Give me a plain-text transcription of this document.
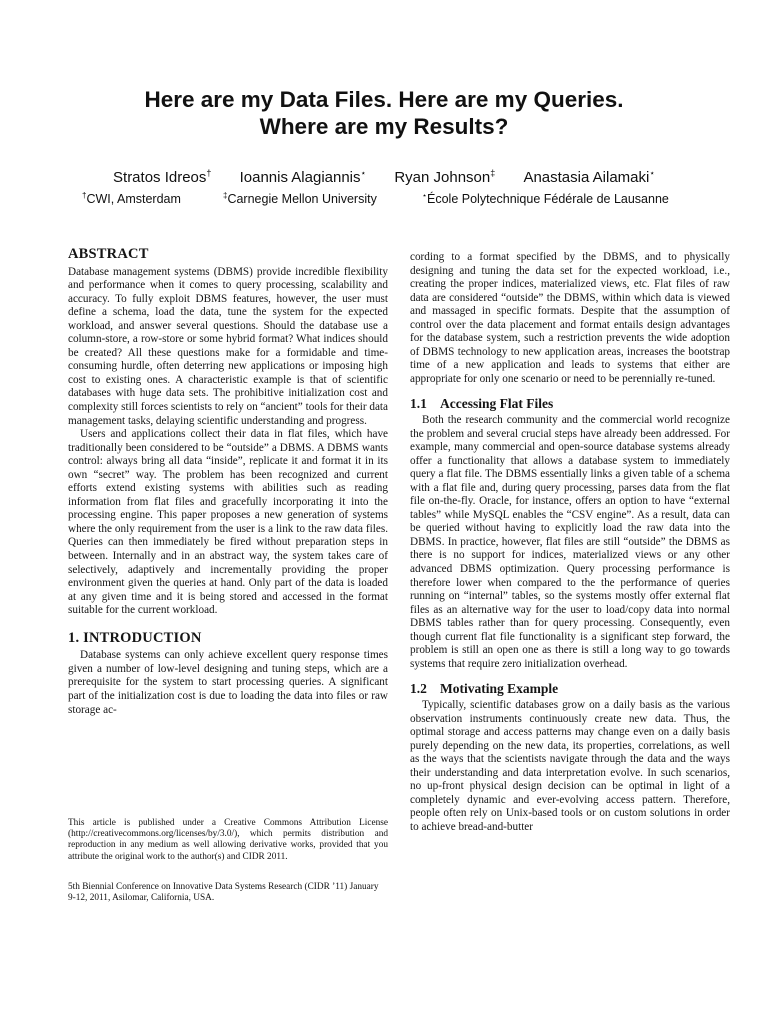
Here are my Data Files. Here are my Queries.
Where are my Results?
Stratos Idreos† Ioannis Alagiannis⋆ Ryan Johnson‡ Anastasia Ailamaki⋆
†CWI, Amsterdam	‡Carnegie Mellon University	⋆École Polytechnique Fédérale de Lausanne
ABSTRACT

Database management systems (DBMS) provide incredible flexibility and performance when it comes to query processing, scalability and accuracy. To fully exploit DBMS features, however, the user must define a schema, load the data, tune the system for the expected workload, and answer several questions. Should the database use a column-store, a row-store or some hybrid format? What indices should be created? All these questions make for a formidable and time-consuming hurdle, often deterring new applications or imposing high cost to existing ones. A characteristic example is that of scientific databases with huge data sets. The prohibitive initialization cost and complexity still forces scientists to rely on “ancient” tools for their data management tasks, delaying scientific understanding and progress.

Users and applications collect their data in flat files, which have traditionally been considered to be “outside” a DBMS. A DBMS wants control: always bring all data “inside”, replicate it and format it in its own “secret” way. The problem has been recognized and current efforts extend existing systems with abilities such as reading information from flat files and gracefully incorporating it into the processing engine. This paper proposes a new generation of systems where the only requirement from the user is a link to the raw data files. Queries can then immediately be fired without preparation steps in between. Internally and in an abstract way, the system takes care of selectively, adaptively and incrementally providing the proper environment given the queries at hand. Only part of the data is loaded at any given time and it is being stored and accessed in the format suitable for the current workload.

1. INTRODUCTION

Database systems can only achieve excellent query response times given a number of low-level designing and tuning steps, which are a prerequisite for the system to start processing queries. A significant part of the initialization cost is due to loading the data into files or raw storage ac-

This article is published under a Creative Commons Attribution License (http://creativecommons.org/licenses/by/3.0/), which permits distribution and reproduction in any medium as well allowing derivative works, provided that you attribute the original work to the author(s) and CIDR 2011.
5th Biennial Conference on Innovative Data Systems Research (CIDR ’11) January 9-12, 2011, Asilomar, California, USA.

cording to a format specified by the DBMS, and to physically designing and tuning the data set for the expected workload, i.e., creating the proper indices, materialized views, etc. Flat files of raw data are considered “outside” the DBMS, within which data is viewed and massaged in specific formats. Despite that the assumption of control over the data placement and format entails design advantages for the database system, such a restriction prevents the wide adoption of DBMS technology to new application areas, increases the bootstrap time of a new application and leads to systems that either are appropriate for only one scenario or need to be perennially re-tuned.

1.1 Accessing Flat Files

Both the research community and the commercial world recognize the problem and several crucial steps have already been addressed. For example, many commercial and open-source database systems already offer a functionality that allows a database system to immediately query a flat file. The DBMS essentially links a given table of a schema with a flat file and, during query processing, parses data from the flat file on-the-fly. Oracle, for instance, offers an option to have “external tables” while MySQL enables the “CSV engine”. As a result, data can be queried without having to explicitly load the raw data into the DBMS. In practice, however, flat files are still “outside” the DBMS as there is no support for indices, materialized views or any other advanced DBMS optimization. Query processing performance is therefore lower when compared to the the performance of queries running on “internal” tables, so the systems mostly offer external flat files as an alternative way for the user to load/copy data into normal DBMS tables rather than for query processing. Consequently, even though current flat file functionality is a significant step forward, the problem is still an open one as there is still a long way to go towards systems that require zero initialization overhead.

1.2 Motivating Example

Typically, scientific databases grow on a daily basis as the various observation instruments continuously create new data. Thus, the optimal storage and access patterns may change even on a daily basis purely depending on the new data, its properties, correlations, as well as the ways that the scientists navigate through the data and the ways their understanding and data interpretation evolve. In such scenarios, no up-front physical design decision can be optimal in light of a completely dynamic and ever-evolving access pattern. Therefore, people often rely on Unix-based tools or on custom solutions in order to achieve bread-and-butter
